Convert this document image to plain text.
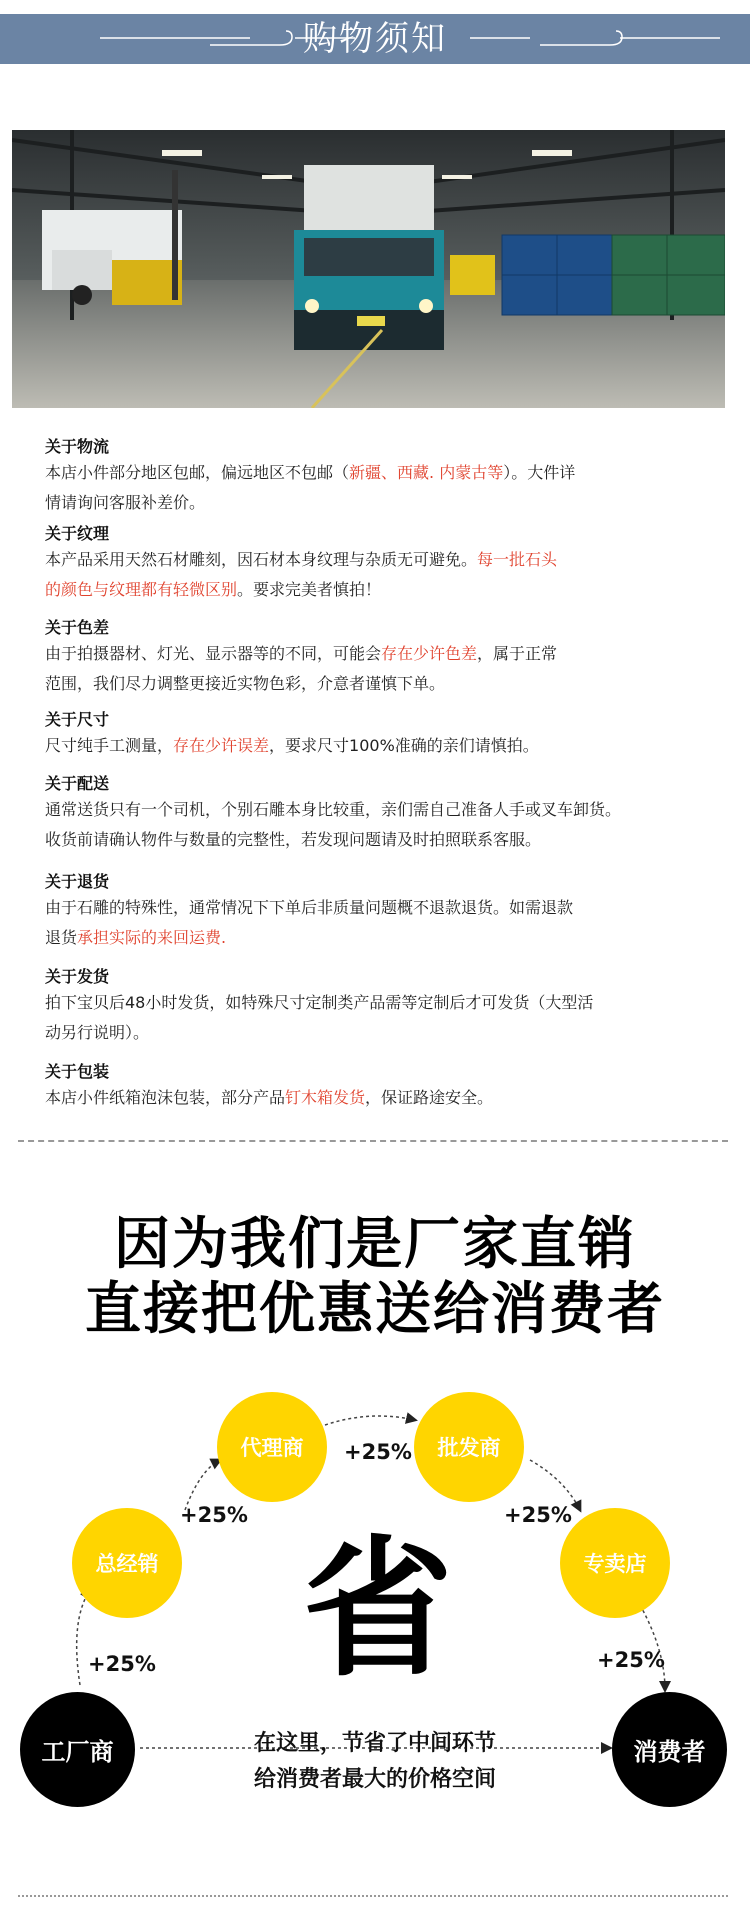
购物须知
关于物流

本店小件部分地区包邮，偏远地区不包邮（新疆、西藏. 内蒙古等）。大件详

情请询问客服补差价。

关于纹理

本产品采用天然石材雕刻，因石材本身纹理与杂质无可避免。每一批石头

的颜色与纹理都有轻微区别。要求完美者慎拍！

关于色差

由于拍摄器材、灯光、显示器等的不同，可能会存在少许色差，属于正常

范围，我们尽力调整更接近实物色彩，介意者谨慎下单。

关于尺寸

尺寸纯手工测量，存在少许误差，要求尺寸100%准确的亲们请慎拍。

关于配送

通常送货只有一个司机，个别石雕本身比较重，亲们需自己准备人手或叉车卸货。

收货前请确认物件与数量的完整性，若发现问题请及时拍照联系客服。

关于退货

由于石雕的特殊性，通常情况下下单后非质量问题概不退款退货。如需退款

退货承担实际的来回运费.

关于发货

拍下宝贝后48小时发货，如特殊尺寸定制类产品需等定制后才可发货（大型活

动另行说明）。

关于包装

本店小件纸箱泡沫包装，部分产品钉木箱发货，保证路途安全。

因为我们是厂家直销
直接把优惠送给消费者
工厂商
总经销
代理商	批发商
专卖店
消费者
+25%
+25%
+25%
+25%
+25%
省
在这里，节省了中间环节
给消费者最大的价格空间
